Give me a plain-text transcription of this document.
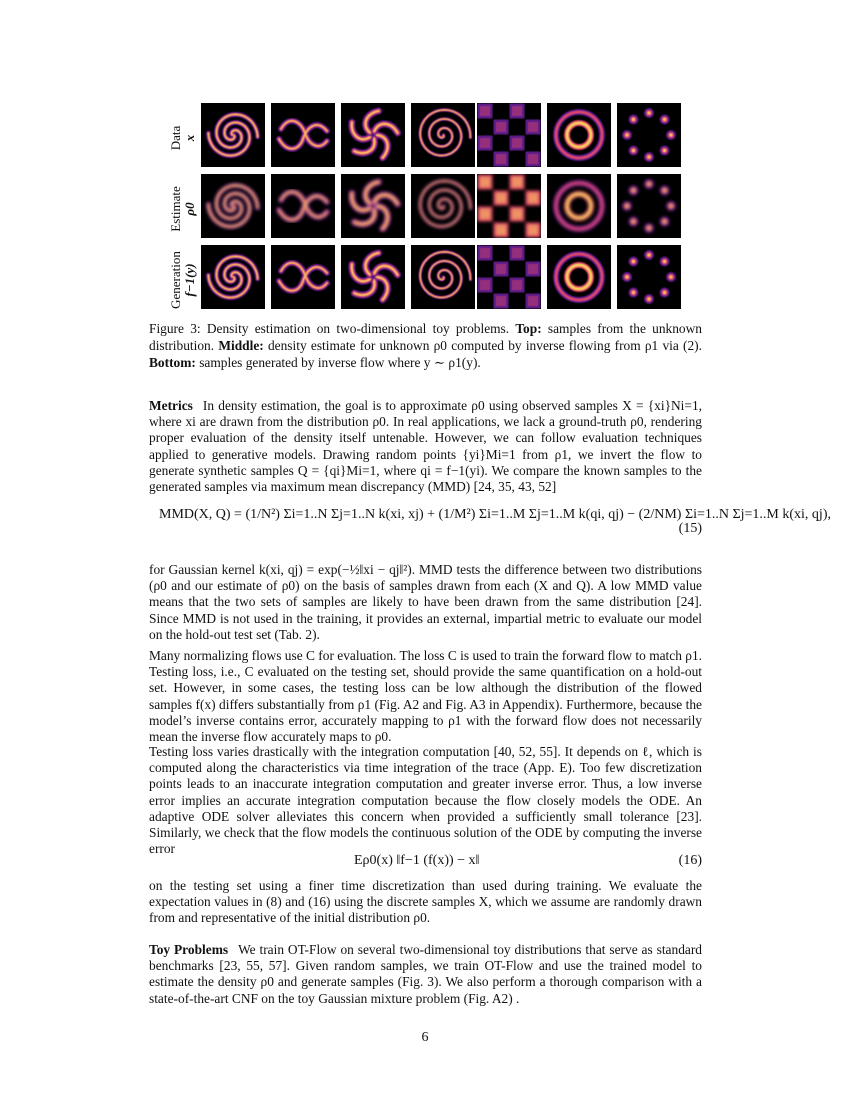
Data
x
Estimate
ρ0
Generation
f−1(y)
Figure 3: Density estimation on two-dimensional toy problems. Top: samples from the unknown distribution. Middle: density estimate for unknown ρ0 computed by inverse flowing from ρ1 via (2). Bottom: samples generated by inverse flow where y ∼ ρ1(y).
Metrics In density estimation, the goal is to approximate ρ0 using observed samples X = {xi}Ni=1, where xi are drawn from the distribution ρ0. In real applications, we lack a ground-truth ρ0, rendering proper evaluation of the density itself untenable. However, we can follow evaluation techniques applied to generative models. Drawing random points {yi}Mi=1 from ρ1, we invert the flow to generate synthetic samples Q = {qi}Mi=1, where qi = f−1(yi). We compare the known samples to the generated samples via maximum mean discrepancy (MMD) [24, 35, 43, 52]
MMD(X, Q) = (1/N²) Σi=1..N Σj=1..N k(xi, xj) + (1/M²) Σi=1..M Σj=1..M k(qi, qj) − (2/NM) Σi=1..N Σj=1..M k(xi, qj),
(15)
for Gaussian kernel k(xi, qj) = exp(−½‖xi − qj‖²). MMD tests the difference between two distributions (ρ0 and our estimate of ρ0) on the basis of samples drawn from each (X and Q). A low MMD value means that the two sets of samples are likely to have been drawn from the same distribution [24]. Since MMD is not used in the training, it provides an external, impartial metric to evaluate our model on the hold-out test set (Tab. 2).
Many normalizing flows use C for evaluation. The loss C is used to train the forward flow to match ρ1. Testing loss, i.e., C evaluated on the testing set, should provide the same quantification on a hold-out set. However, in some cases, the testing loss can be low although the distribution of the flowed samples f(x) differs substantially from ρ1 (Fig. A2 and Fig. A3 in Appendix). Furthermore, because the model’s inverse contains error, accurately mapping to ρ1 with the forward flow does not necessarily mean the inverse flow accurately maps to ρ0.
Testing loss varies drastically with the integration computation [40, 52, 55]. It depends on ℓ, which is computed along the characteristics via time integration of the trace (App. E). Too few discretization points leads to an inaccurate integration computation and greater inverse error. Thus, a low inverse error implies an accurate integration computation because the flow closely models the ODE. An adaptive ODE solver alleviates this concern when provided a sufficiently small tolerance [23]. Similarly, we check that the flow models the continuous solution of the ODE by computing the inverse error
Eρ0(x) ‖f−1 (f(x)) − x‖	(16)
on the testing set using a finer time discretization than used during training. We evaluate the expectation values in (8) and (16) using the discrete samples X, which we assume are randomly drawn from and representative of the initial distribution ρ0.
Toy Problems We train OT-Flow on several two-dimensional toy distributions that serve as standard benchmarks [23, 55, 57]. Given random samples, we train OT-Flow and use the trained model to estimate the density ρ0 and generate samples (Fig. 3). We also perform a thorough comparison with a state-of-the-art CNF on the toy Gaussian mixture problem (Fig. A2) .
6
